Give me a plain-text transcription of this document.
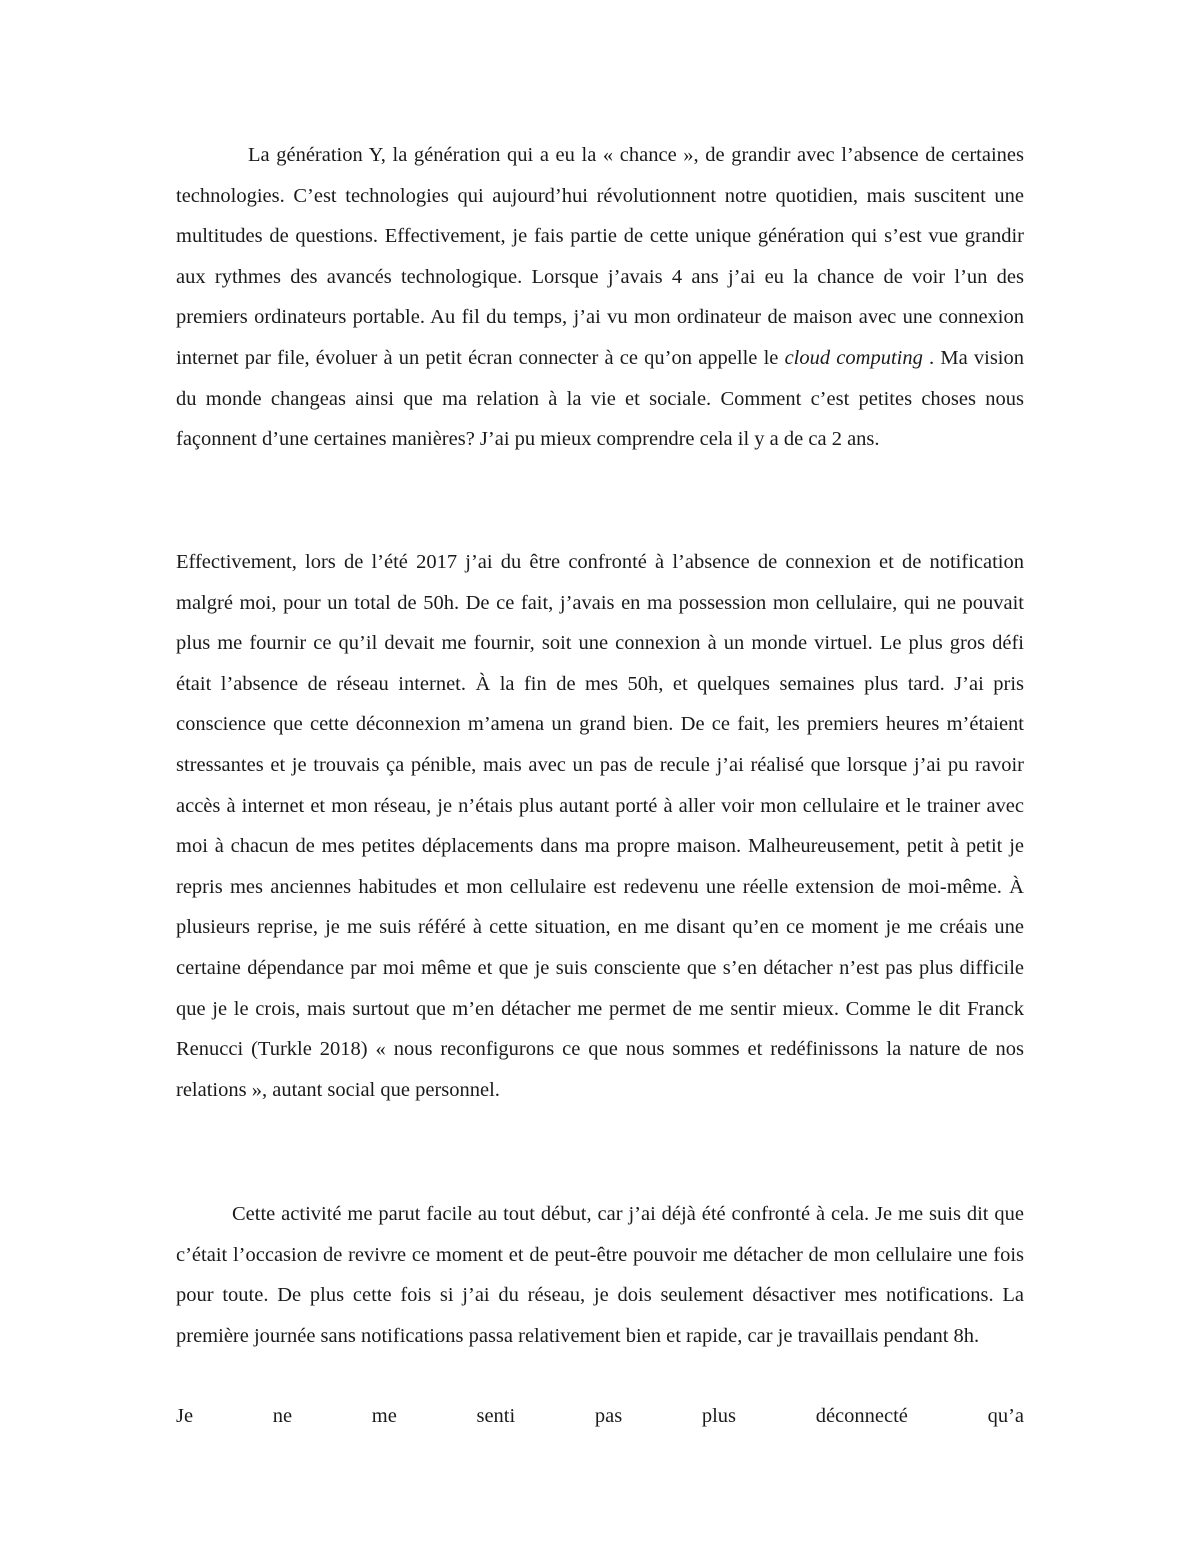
La génération Y, la génération qui a eu la « chance », de grandir avec l’absence de certaines technologies. C’est technologies qui aujourd’hui révolutionnent notre quotidien, mais suscitent une multitudes de questions. Effectivement, je fais partie de cette unique génération qui s’est vue grandir aux rythmes des avancés technologique. Lorsque j’avais 4 ans j’ai eu la chance de voir l’un des premiers ordinateurs portable. Au fil du temps, j’ai vu mon ordinateur de maison avec une connexion internet par file, évoluer à un petit écran connecter à ce qu’on appelle le cloud computing . Ma vision du monde changeas ainsi que ma relation à la vie et sociale. Comment c’est petites choses nous façonnent d’une certaines manières? J’ai pu mieux comprendre cela il y a de ca 2 ans.

Effectivement, lors de l’été 2017 j’ai du être confronté à l’absence de connexion et de notification malgré moi, pour un total de 50h. De ce fait, j’avais en ma possession mon cellulaire, qui ne pouvait plus me fournir ce qu’il devait me fournir, soit une connexion à un monde virtuel. Le plus gros défi était l’absence de réseau internet. À la fin de mes 50h, et quelques semaines plus tard. J’ai pris conscience que cette déconnexion m’amena un grand bien. De ce fait, les premiers heures m’étaient stressantes et je trouvais ça pénible, mais avec un pas de recule j’ai réalisé que lorsque j’ai pu ravoir accès à internet et mon réseau, je n’étais plus autant porté à aller voir mon cellulaire et le trainer avec moi à chacun de mes petites déplacements dans ma propre maison. Malheureusement, petit à petit je repris mes anciennes habitudes et mon cellulaire est redevenu une réelle extension de moi-même. À plusieurs reprise, je me suis référé à cette situation, en me disant qu’en ce moment je me créais une certaine dépendance par moi même et que je suis consciente que s’en détacher n’est pas plus difficile que je le crois, mais surtout que m’en détacher me permet de me sentir mieux. Comme le dit Franck Renucci (Turkle 2018) « nous reconfigurons ce que nous sommes et redéfinissons la nature de nos relations », autant social que personnel.

Cette activité me parut facile au tout début, car j’ai déjà été confronté à cela. Je me suis dit que c’était l’occasion de revivre ce moment et de peut-être pouvoir me détacher de mon cellulaire une fois pour toute. De plus cette fois si j’ai du réseau, je dois seulement désactiver mes notifications. La première journée sans notifications passa relativement bien et rapide, car je travaillais pendant 8h.

Je ne me senti pas plus déconnecté qu’a
